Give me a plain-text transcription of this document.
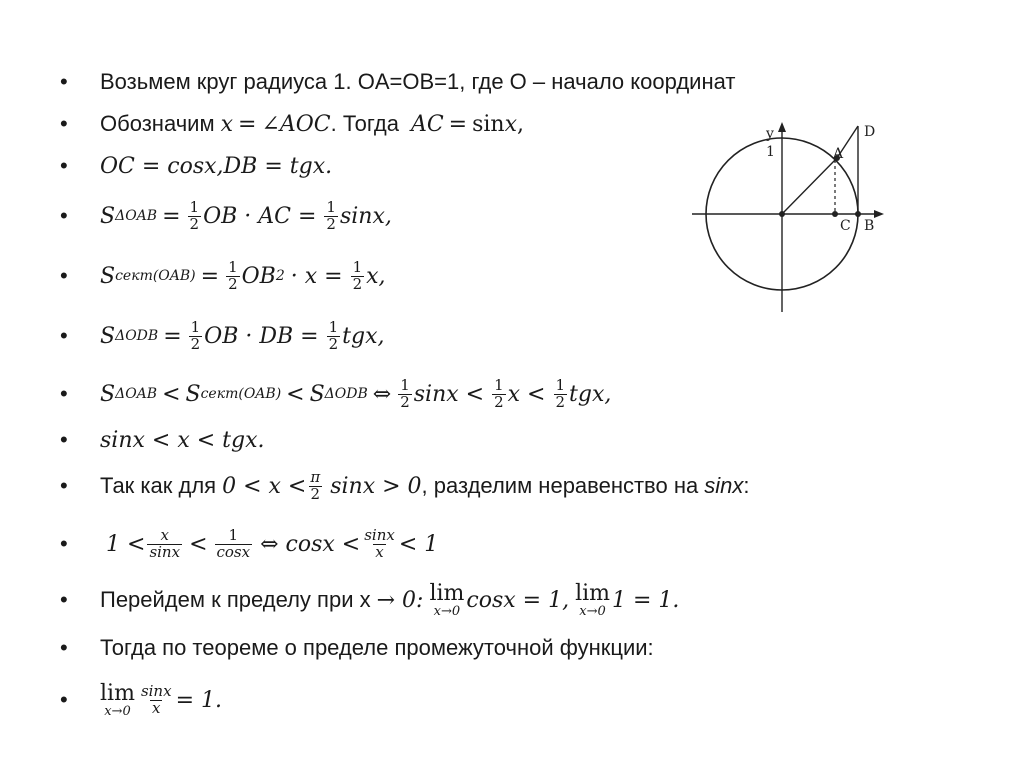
•	Возьмем круг радиуса 1. OA=OB=1, где O – начало координат
•	Обозначим x = ∠AOC . Тогда AC = sin x ,
•	OC = cosx,DB = tgx.
•	S $\Delta OAB = \frac{1}{2}$ OB · AC = $\frac{1}{2} \sin x$,
•	S сект(OAB) = $\frac{1}{2}$ OB $2 \cdot x = \frac{1}{2} x$,
•	S $\Delta ODB = \frac{1}{2}$ OB · DB = $\frac{1}{2}$ tgx,
•	S ΔOAB < S сект(OAB) < S ΔODB ⇔ $\frac{1}{2}$ $\sin x < \frac{1}{2}$ $x < \frac{1}{2}$ tgx,
•	sinx < x < tgx.
•	Так как для $0 < x < \frac{\pi}{2}$ sinx > 0 , разделим неравенство на sinx :
•	$1 < \frac{x}{\sin x} < \frac{1}{\cos x}$ ⇔ $\cos x < \frac{\sin x}{x} < 1$
•	Перейдем к пределу при x → 0: lim
x→0 cosx = 1, lim
x→0 1 = 1.
•	Тогда по теореме о пределе промежуточной функции:
•	lim
$x\to 0 \frac{\sin x}{x} = 1$.
y
1	A
D
C B
